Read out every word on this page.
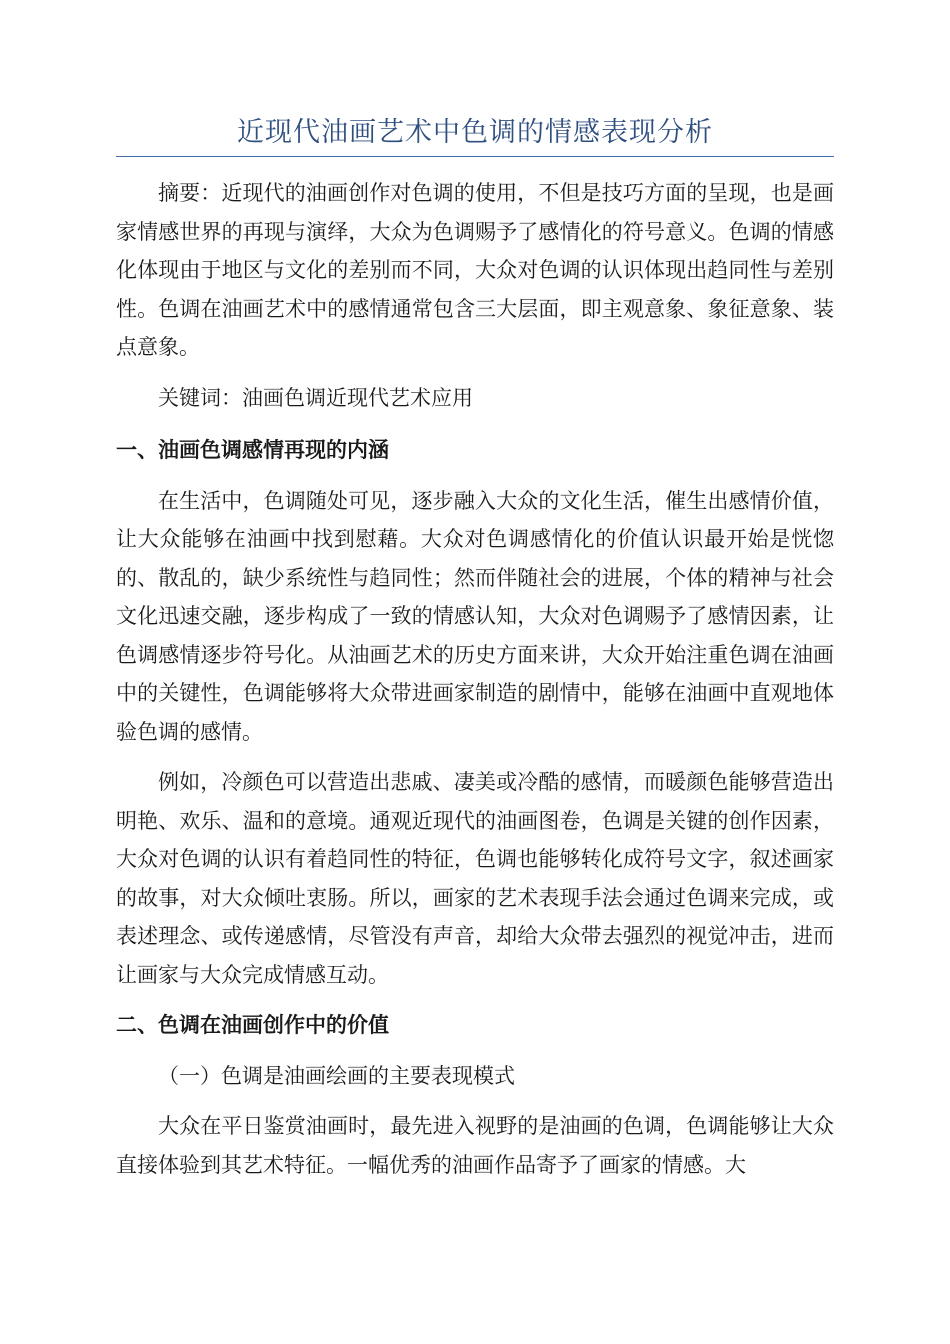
近现代油画艺术中色调的情感表现分析

摘要：近现代的油画创作对色调的使用，不但是技巧方面的呈现，也是画家情感世界的再现与演绎，大众为色调赐予了感情化的符号意义。色调的情感化体现由于地区与文化的差别而不同，大众对色调的认识体现出趋同性与差别性。色调在油画艺术中的感情通常包含三大层面，即主观意象、象征意象、装点意象。

关键词：油画色调近现代艺术应用

一、油画色调感情再现的内涵

在生活中，色调随处可见，逐步融入大众的文化生活，催生出感情价值，让大众能够在油画中找到慰藉。大众对色调感情化的价值认识最开始是恍惚的、散乱的，缺少系统性与趋同性；然而伴随社会的进展，个体的精神与社会文化迅速交融，逐步构成了一致的情感认知，大众对色调赐予了感情因素，让色调感情逐步符号化。从油画艺术的历史方面来讲，大众开始注重色调在油画中的关键性，色调能够将大众带进画家制造的剧情中，能够在油画中直观地体验色调的感情。

例如，冷颜色可以营造出悲戚、凄美或冷酷的感情，而暖颜色能够营造出明艳、欢乐、温和的意境。通观近现代的油画图卷，色调是关键的创作因素，大众对色调的认识有着趋同性的特征，色调也能够转化成符号文字，叙述画家的故事，对大众倾吐衷肠。所以，画家的艺术表现手法会通过色调来完成，或表述理念、或传递感情，尽管没有声音，却给大众带去强烈的视觉冲击，进而让画家与大众完成情感互动。

二、色调在油画创作中的价值

（一）色调是油画绘画的主要表现模式

大众在平日鉴赏油画时，最先进入视野的是油画的色调，色调能够让大众直接体验到其艺术特征。一幅优秀的油画作品寄予了画家的情感。大
